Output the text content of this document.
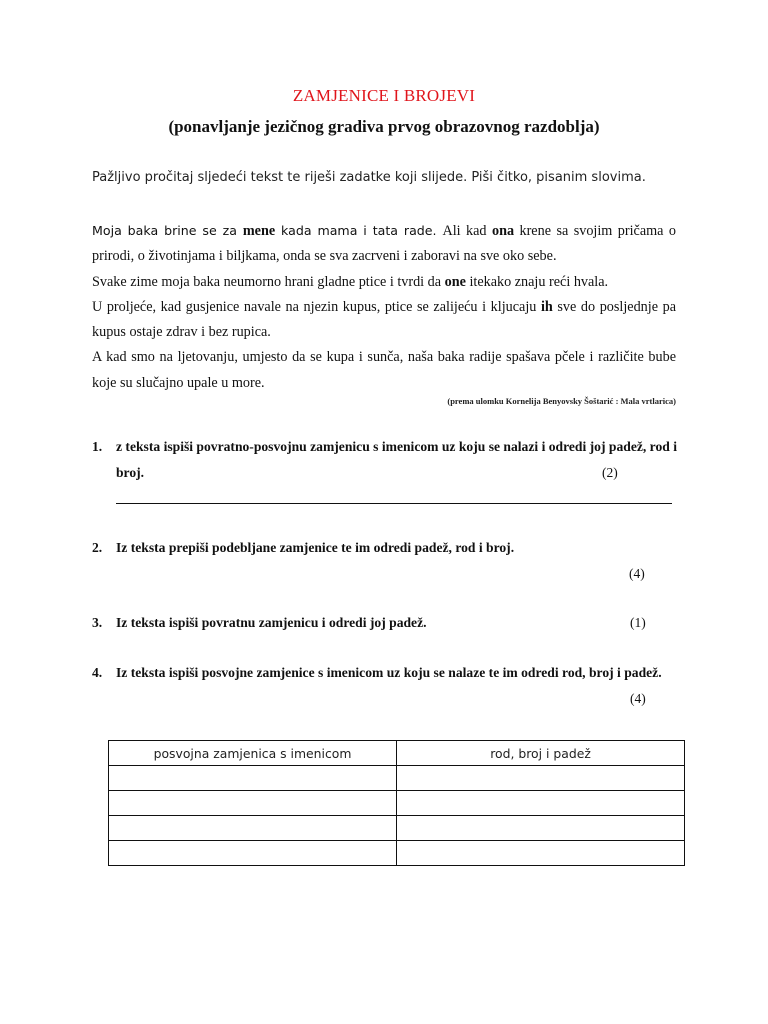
ZAMJENICE I BROJEVI
(ponavljanje jezičnog gradiva prvog obrazovnog razdoblja)
Pažljivo pročitaj sljedeći tekst te riješi zadatke koji slijede. Piši čitko, pisanim slovima.

Moja baka brine se za mene kada mama i tata rade. Ali kad ona krene sa svojim pričama o prirodi, o životinjama i biljkama, onda se sva zacrveni i zaboravi na sve oko sebe.

Svake zime moja baka neumorno hrani gladne ptice i tvrdi da one itekako znaju reći hvala.

U proljeće, kad gusjenice navale na njezin kupus, ptice se zalijeću i kljucaju ih sve do posljednje pa kupus ostaje zdrav i bez rupica.

A kad smo na ljetovanju, umjesto da se kupa i sunča, naša baka radije spašava pčele i različite bube koje su slučajno upale u more.

(prema ulomku Kornelija Benyovsky Šoštarić : Mala vrtlarica)
1. z teksta ispiši povratno-posvojnu zamjenicu s imenicom uz koju se nalazi i odredi joj padež, rod i broj.	(2)
2. Iz teksta prepiši podebljane zamjenice te im odredi padež, rod i broj.
(4)
3. Iz teksta ispiši povratnu zamjenicu i odredi joj padež.	(1)
4. Iz teksta ispiši posvojne zamjenice s imenicom uz koju se nalaze te im odredi rod, broj i padež.
(4)
posvojna zamjenica s imenicom	rod, broj i padež
